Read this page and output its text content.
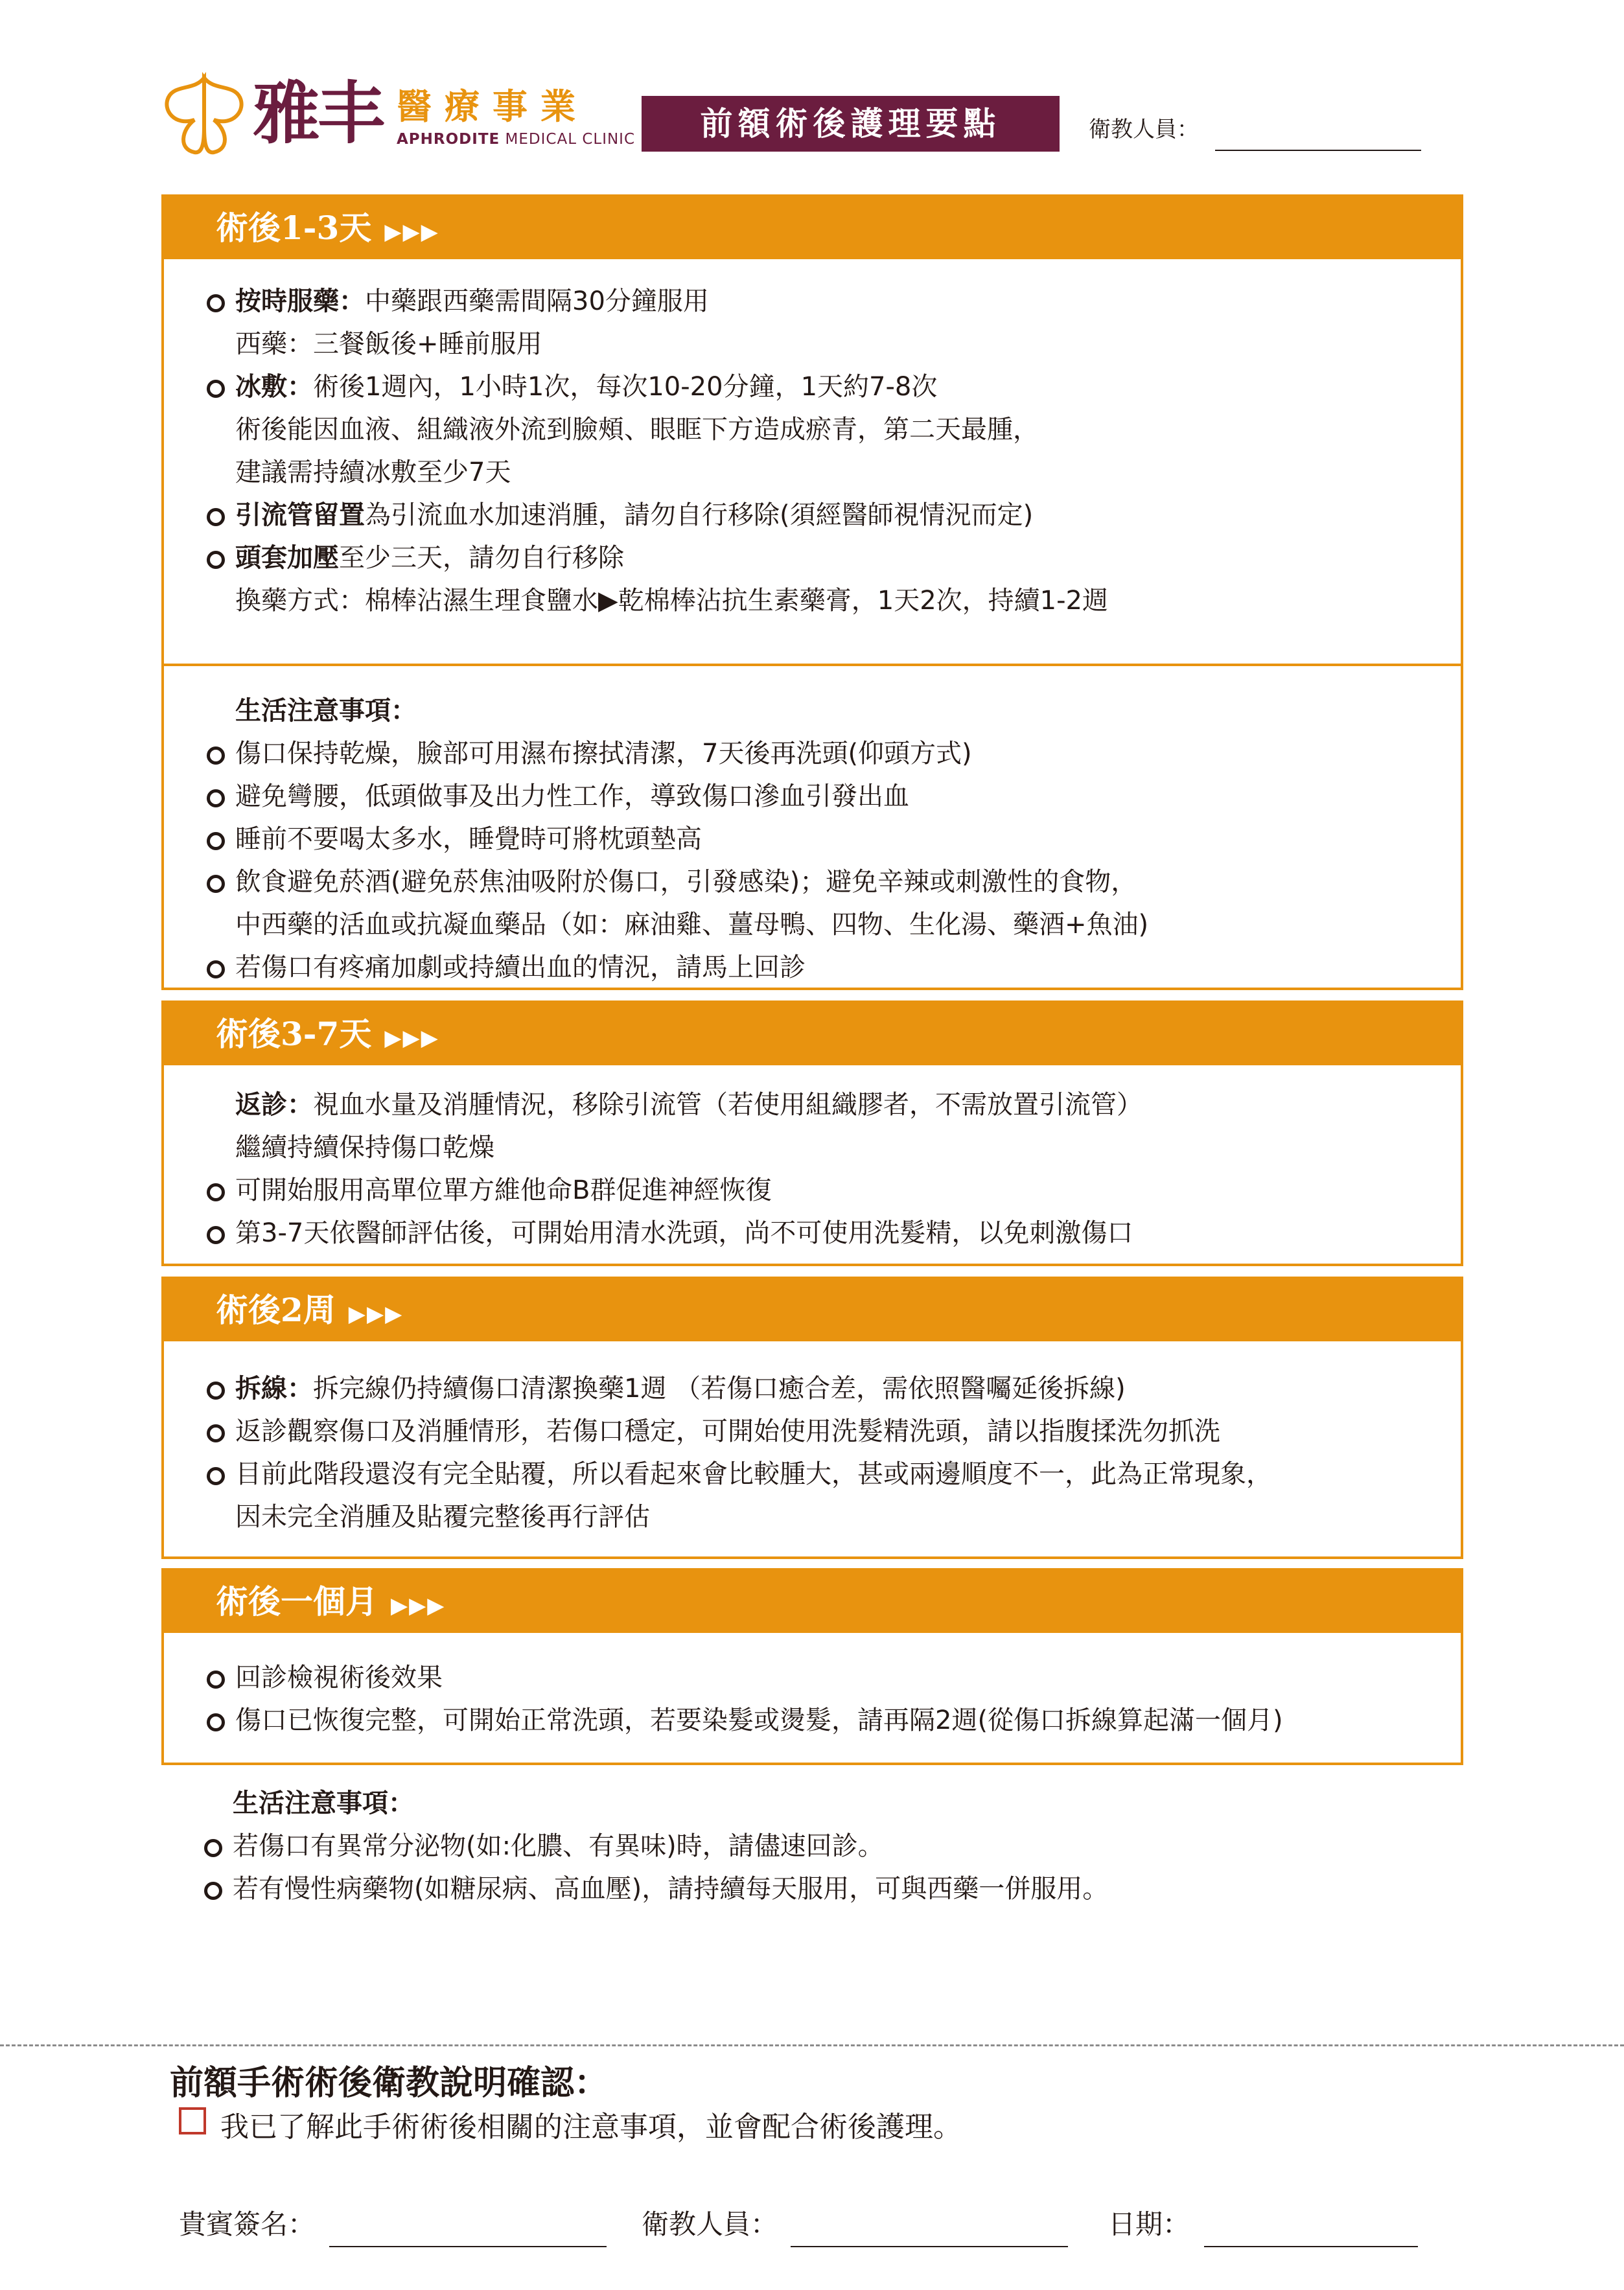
雅丰 醫療事業
APHRODITE MEDICAL CLINIC	前額術後護理要點	衛教人員：
術後1-3天 ▶▶▶
按時服藥：中藥跟西藥需間隔30分鐘服用
西藥：三餐飯後+睡前服用
冰敷：術後1週內，1小時1次，每次10-20分鐘，1天約7-8次
術後能因血液、組織液外流到臉頰、眼眶下方造成瘀青，第二天最腫，
建議需持續冰敷至少7天
引流管留置為引流血水加速消腫，請勿自行移除(須經醫師視情況而定)
頭套加壓至少三天，請勿自行移除
換藥方式：棉棒沾濕生理食鹽水▶乾棉棒沾抗生素藥膏，1天2次，持續1-2週
生活注意事項：
傷口保持乾燥，臉部可用濕布擦拭清潔，7天後再洗頭(仰頭方式)
避免彎腰，低頭做事及出力性工作，導致傷口滲血引發出血
睡前不要喝太多水，睡覺時可將枕頭墊高
飲食避免菸酒(避免菸焦油吸附於傷口，引發感染)；避免辛辣或刺激性的食物，
中西藥的活血或抗凝血藥品（如：麻油雞、薑母鴨、四物、生化湯、藥酒+魚油)
若傷口有疼痛加劇或持續出血的情況，請馬上回診
術後3-7天 ▶▶▶
返診：視血水量及消腫情況，移除引流管（若使用組織膠者，不需放置引流管）
繼續持續保持傷口乾燥
可開始服用高單位單方維他命B群促進神經恢復
第3-7天依醫師評估後，可開始用清水洗頭，尚不可使用洗髮精，以免刺激傷口
術後2周 ▶▶▶
拆線：拆完線仍持續傷口清潔換藥1週 （若傷口癒合差，需依照醫囑延後拆線)
返診觀察傷口及消腫情形，若傷口穩定，可開始使用洗髮精洗頭，請以指腹揉洗勿抓洗
目前此階段還沒有完全貼覆，所以看起來會比較腫大，甚或兩邊順度不一，此為正常現象，
因未完全消腫及貼覆完整後再行評估
術後一個月 ▶▶▶
回診檢視術後效果
傷口已恢復完整，可開始正常洗頭，若要染髮或燙髮，請再隔2週(從傷口拆線算起滿一個月)
生活注意事項：
若傷口有異常分泌物(如:化膿、有異味)時，請儘速回診。
若有慢性病藥物(如糖尿病、高血壓)，請持續每天服用，可與西藥一併服用。
前額手術術後衛教說明確認：
我已了解此手術術後相關的注意事項，並會配合術後護理。
貴賓簽名：	衛教人員：	日期：
